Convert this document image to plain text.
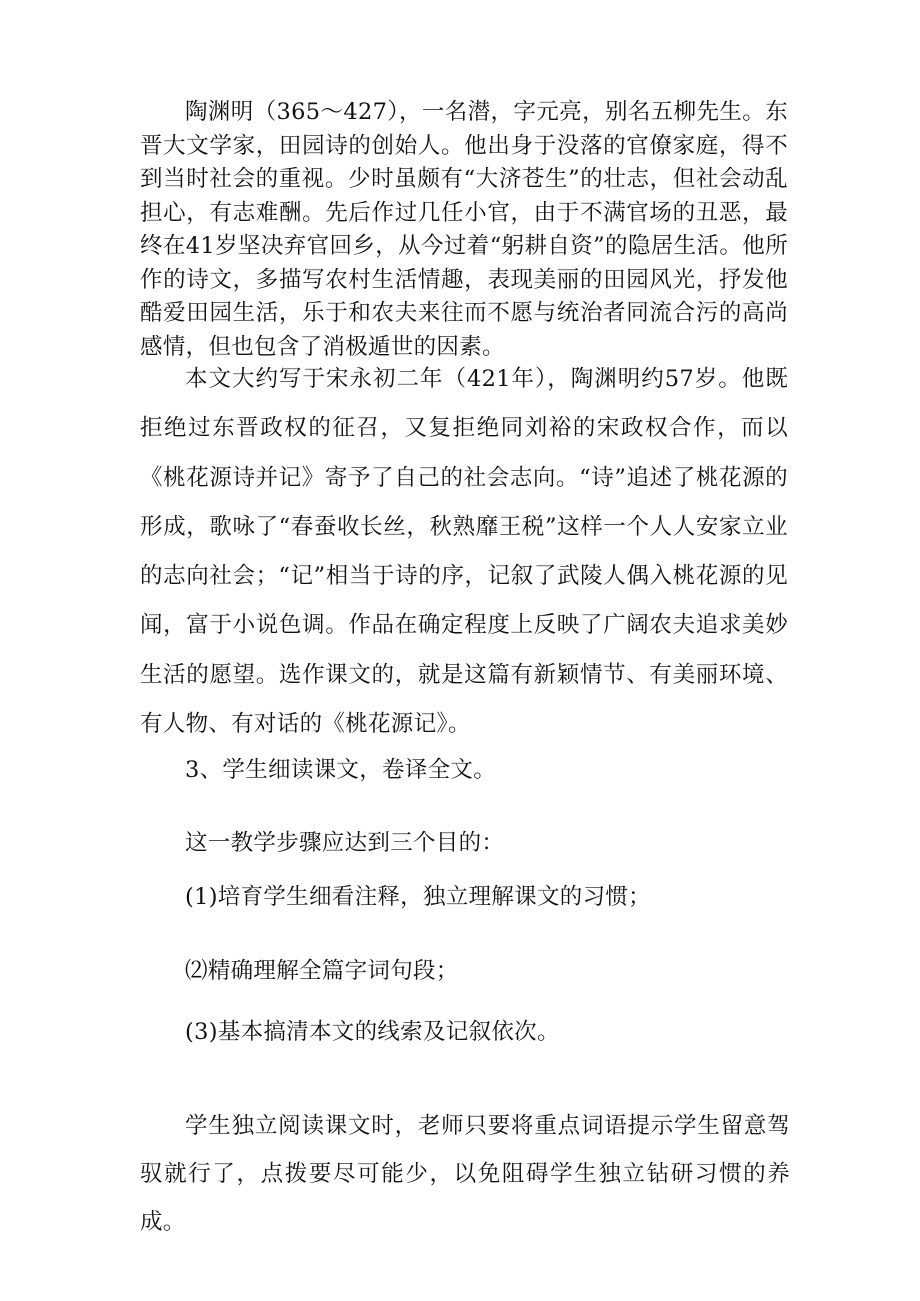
陶渊明（365～427），一名潜，字元亮，别名五柳先生。东晋大文学家，田园诗的创始人。他出身于没落的官僚家庭，得不到当时社会的重视。少时虽颇有“大济苍生”的壮志，但社会动乱担心，有志难酬。先后作过几任小官，由于不满官场的丑恶，最终在41岁坚决弃官回乡，从今过着“躬耕自资”的隐居生活。他所作的诗文，多描写农村生活情趣，表现美丽的田园风光，抒发他酷爱田园生活，乐于和农夫来往而不愿与统治者同流合污的高尚感情，但也包含了消极遁世的因素。

本文大约写于宋永初二年（421年），陶渊明约57岁。他既拒绝过东晋政权的征召，又复拒绝同刘裕的宋政权合作，而以《桃花源诗并记》寄予了自己的社会志向。“诗”追述了桃花源的形成，歌咏了“春蚕收长丝，秋熟靡王税”这样一个人人安家立业的志向社会；“记”相当于诗的序，记叙了武陵人偶入桃花源的见闻，富于小说色调。作品在确定程度上反映了广阔农夫追求美妙生活的愿望。选作课文的，就是这篇有新颖情节、有美丽环境、有人物、有对话的《桃花源记》。

3、学生细读课文，卷译全文。

这一教学步骤应达到三个目的：

(1)培育学生细看注释，独立理解课文的习惯；

⑵精确理解全篇字词句段；

(3)基本搞清本文的线索及记叙依次。

学生独立阅读课文时，老师只要将重点词语提示学生留意驾驭就行了，点拨要尽可能少，以免阻碍学生独立钻研习惯的养成。
